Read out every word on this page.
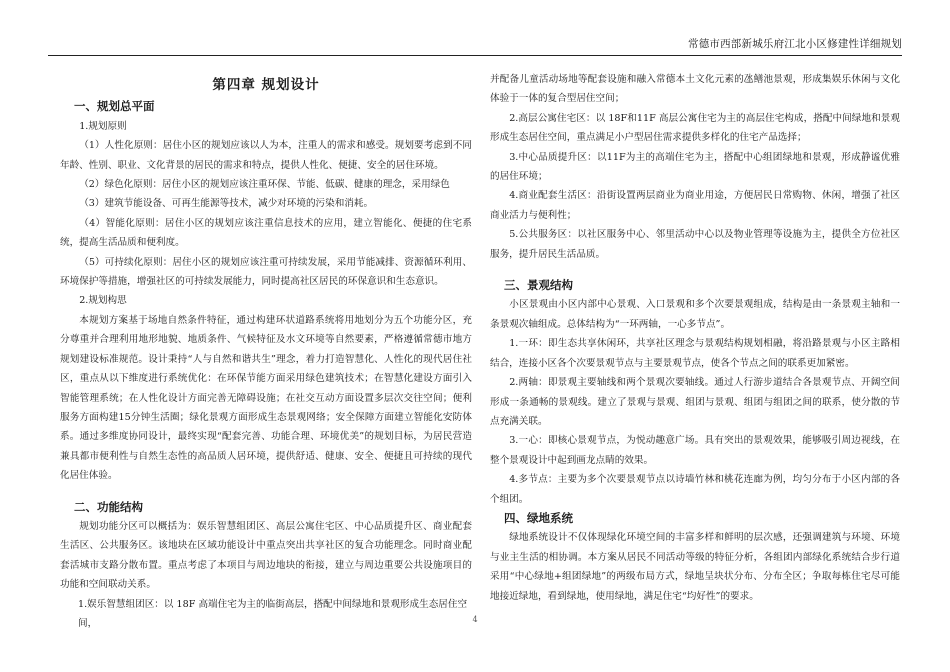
常德市西部新城乐府江北小区修建性详细规划

第四章 规划设计

一、规划总平面

1.规划原则

（1）人性化原则：居住小区的规划应该以人为本，注重人的需求和感受。规划要考虑到不同年龄、性别、职业、文化背景的居民的需求和特点，提供人性化、便捷、安全的居住环境。

（2）绿色化原则：居住小区的规划应该注重环保、节能、低碳、健康的理念，采用绿色

（3）建筑节能设备、可再生能源等技术，减少对环境的污染和消耗。

（4）智能化原则：居住小区的规划应该注重信息技术的应用，建立智能化、便捷的住宅系统，提高生活品质和便利度。

（5）可持续化原则：居住小区的规划应该注重可持续发展，采用节能减排、资源循环利用、环境保护等措施，增强社区的可持续发展能力，同时提高社区居民的环保意识和生态意识。

2.规划构思

本规划方案基于场地自然条件特征，通过构建环状道路系统将用地划分为五个功能分区，充分尊重并合理利用地形地貌、地质条件、气候特征及水文环境等自然要素，严格遵循常德市地方规划建设标准规范。设计秉持“人与自然和谐共生”理念，着力打造智慧化、人性化的现代居住社区，重点从以下维度进行系统优化：在环保节能方面采用绿色建筑技术；在智慧化建设方面引入智能管理系统；在人性化设计方面完善无障碍设施；在社交互动方面设置多层次交往空间；便利服务方面构建15分钟生活圈；绿化景观方面形成生态景观网络；安全保障方面建立智能化安防体系。通过多维度协同设计，最终实现“配套完善、功能合理、环境优美”的规划目标，为居民营造兼具都市便利性与自然生态性的高品质人居环境，提供舒适、健康、安全、便捷且可持续的现代化居住体验。

二、功能结构

规划功能分区可以概括为：娱乐智慧组团区、高层公寓住宅区、中心品质提升区、商业配套生活区、公共服务区。该地块在区域功能设计中重点突出共享社区的复合功能理念。同时商业配套活城市支路分散布置。重点考虑了本项目与周边地块的衔接，建立与周边重要公共设施项目的功能和空间联动关系。

1.娱乐智慧组团区：以 18F 高端住宅为主的临街高层，搭配中间绿地和景观形成生态居住空间，

并配备儿童活动场地等配套设施和融入常德本土文化元素的氹鳝池景观，形成集娱乐休闲与文化体验于一体的复合型居住空间；

2.高层公寓住宅区：以 18F和11F 高层公寓住宅为主的高层住宅构成，搭配中间绿地和景观形成生态居住空间，重点满足小户型居住需求提供多样化的住宅产品选择；

3.中心品质提升区：以11F为主的高端住宅为主，搭配中心组团绿地和景观，形成静谧优雅的居住环境；

4.商业配套生活区：沿街设置两层商业为商业用途，方便居民日常购物、休闲，增强了社区商业活力与便利性；

5.公共服务区：以社区服务中心、邻里活动中心以及物业管理等设施为主，提供全方位社区服务，提升居民生活品质。

三、景观结构

小区景观由小区内部中心景观、入口景观和多个次要景观组成，结构是由一条景观主轴和一条景观次轴组成。总体结构为“一环两轴，一心多节点”。

1.一环：即生态共享休闲环，共享社区理念与景观结构规划相融，将沿路景观与小区主路相结合，连接小区各个次要景观节点与主要景观节点，使各个节点之间的联系更加紧密。

2.两轴：即景观主要轴线和两个景观次要轴线。通过人行游步道结合各景观节点、开阔空间形成一条通畅的景观线。建立了景观与景观、组团与景观、组团与组团之间的联系，使分散的节点充满关联。

3.一心：即核心景观节点，为悦动趣意广场。具有突出的景观效果，能够吸引周边视线，在整个景观设计中起到画龙点睛的效果。

4.多节点：主要为多个次要景观节点以诗墙竹林和桃花连廊为例，均匀分布于小区内部的各个组团。

四、绿地系统

绿地系统设计不仅体现绿化环境空间的丰富多样和鲜明的层次感，还强调建筑与环境、环境与业主生活的相协调。本方案从居民不同活动等级的特征分析，各组团内部绿化系统结合步行道采用“中心绿地+组团绿地”的两级布局方式，绿地呈块状分布、分布全区；争取每栋住宅尽可能地接近绿地，看到绿地，使用绿地，满足住宅“均好性”的要求。

4
